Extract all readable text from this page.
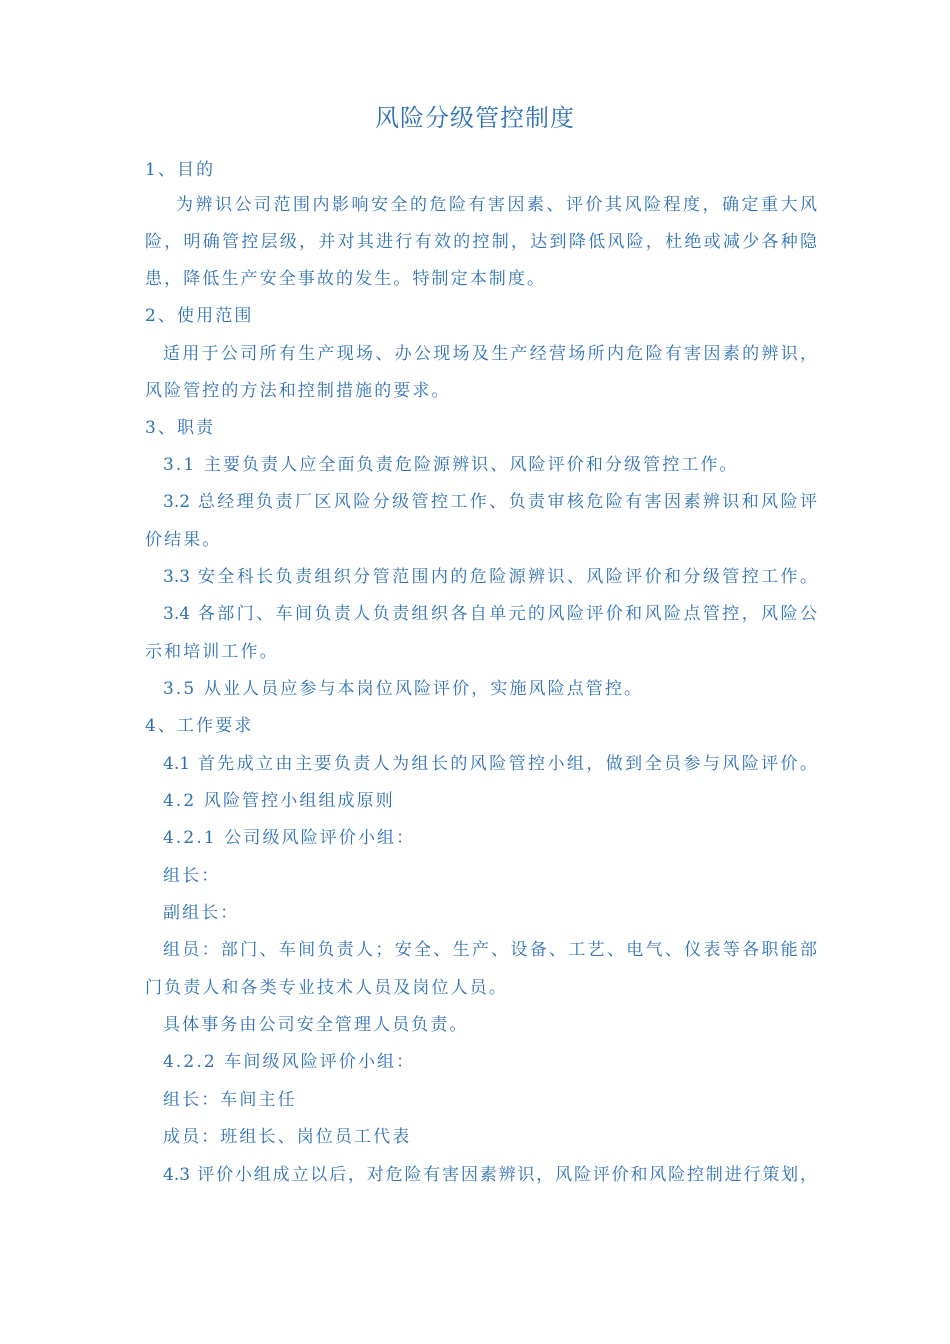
风险分级管控制度
1、目的
为辨识公司范围内影响安全的危险有害因素、评价其风险程度，确定重大风
险，明确管控层级，并对其进行有效的控制，达到降低风险，杜绝或减少各种隐
患，降低生产安全事故的发生。特制定本制度。
2、使用范围
适用于公司所有生产现场、办公现场及生产经营场所内危险有害因素的辨识，
风险管控的方法和控制措施的要求。
3、职责
3.1 主要负责人应全面负责危险源辨识、风险评价和分级管控工作。
3.2 总经理负责厂区风险分级管控工作、负责审核危险有害因素辨识和风险评
价结果。
3.3 安全科长负责组织分管范围内的危险源辨识、风险评价和分级管控工作。
3.4 各部门、车间负责人负责组织各自单元的风险评价和风险点管控，风险公
示和培训工作。
3.5 从业人员应参与本岗位风险评价，实施风险点管控。
4、工作要求
4.1 首先成立由主要负责人为组长的风险管控小组，做到全员参与风险评价。
4.2 风险管控小组组成原则
4.2.1 公司级风险评价小组：
组长：
副组长：
组员：部门、车间负责人；安全、生产、设备、工艺、电气、仪表等各职能部
门负责人和各类专业技术人员及岗位人员。
具体事务由公司安全管理人员负责。
4.2.2 车间级风险评价小组：
组长：车间主任
成员：班组长、岗位员工代表
4.3 评价小组成立以后，对危险有害因素辨识，风险评价和风险控制进行策划，
